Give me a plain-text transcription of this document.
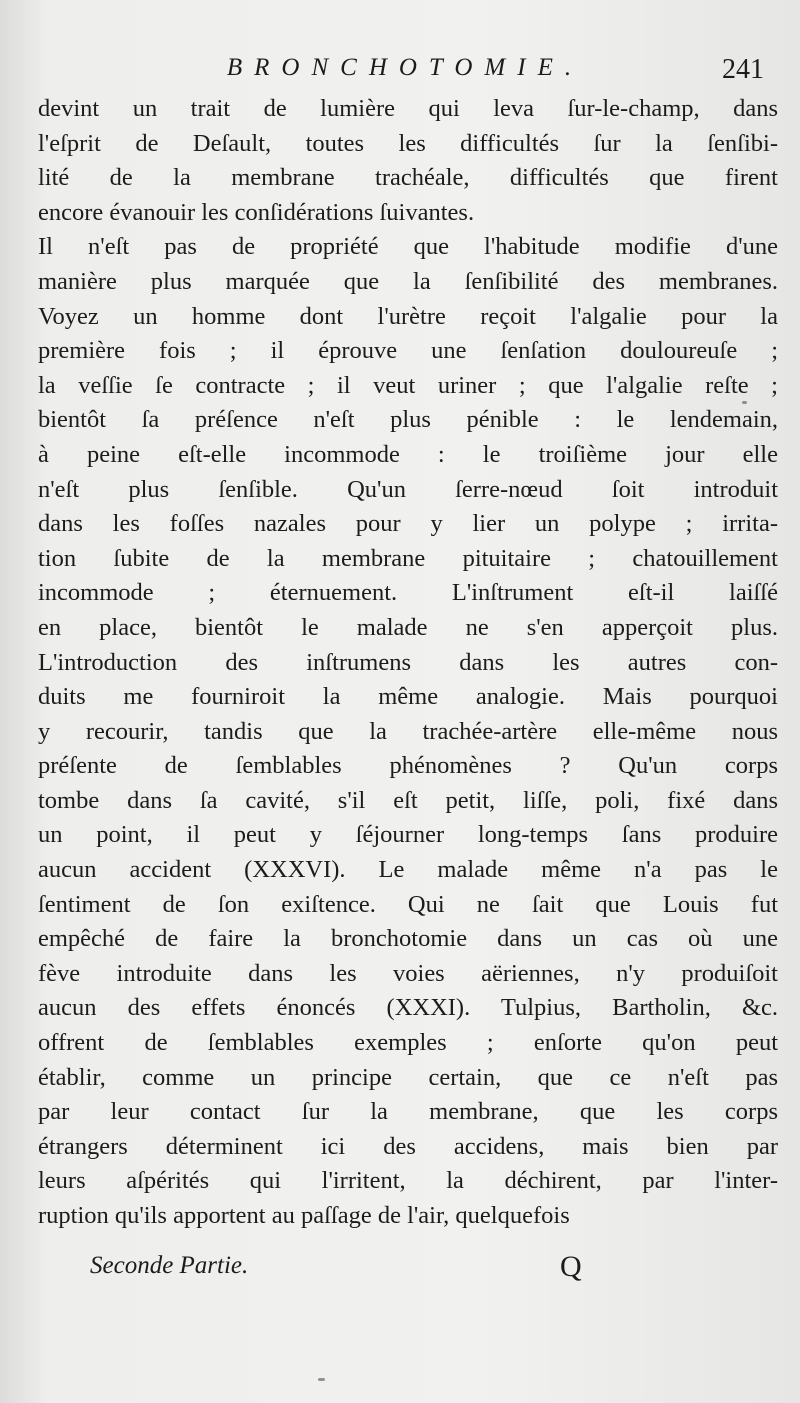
BRONCHOTOMIE.	241
devint un trait de lumière qui leva ſur-le-champ, dans
l'eſprit de Deſault, toutes les difficultés ſur la ſenſibi-
lité de la membrane trachéale, difficultés que firent
encore évanouir les conſidérations ſuivantes.
Il n'eſt pas de propriété que l'habitude modifie d'une
manière plus marquée que la ſenſibilité des membranes.
Voyez un homme dont l'urètre reçoit l'algalie pour la
première fois ; il éprouve une ſenſation douloureuſe ;
la veſſie ſe contracte ; il veut uriner ; que l'algalie reſte ;
bientôt ſa préſence n'eſt plus pénible : le lendemain,
à peine eſt-elle incommode : le troiſième jour elle
n'eſt plus ſenſible. Qu'un ſerre-nœud ſoit introduit
dans les foſſes nazales pour y lier un polype ; irrita-
tion ſubite de la membrane pituitaire ; chatouillement
incommode ; éternuement. L'inſtrument eſt-il laiſſé
en place, bientôt le malade ne s'en apperçoit plus.
L'introduction des inſtrumens dans les autres con-
duits me fourniroit la même analogie. Mais pourquoi
y recourir, tandis que la trachée-artère elle-même nous
préſente de ſemblables phénomènes ? Qu'un corps
tombe dans ſa cavité, s'il eſt petit, liſſe, poli, fixé dans
un point, il peut y ſéjourner long-temps ſans produire
aucun accident (XXXVI). Le malade même n'a pas le
ſentiment de ſon exiſtence. Qui ne ſait que Louis fut
empêché de faire la bronchotomie dans un cas où une
fève introduite dans les voies aëriennes, n'y produiſoit
aucun des effets énoncés (XXXI). Tulpius, Bartholin, &c.
offrent de ſemblables exemples ; enſorte qu'on peut
établir, comme un principe certain, que ce n'eſt pas
par leur contact ſur la membrane, que les corps
étrangers déterminent ici des accidens, mais bien par
leurs aſpérités qui l'irritent, la déchirent, par l'inter-
ruption qu'ils apportent au paſſage de l'air, quelquefois
Seconde Partie.	Q
